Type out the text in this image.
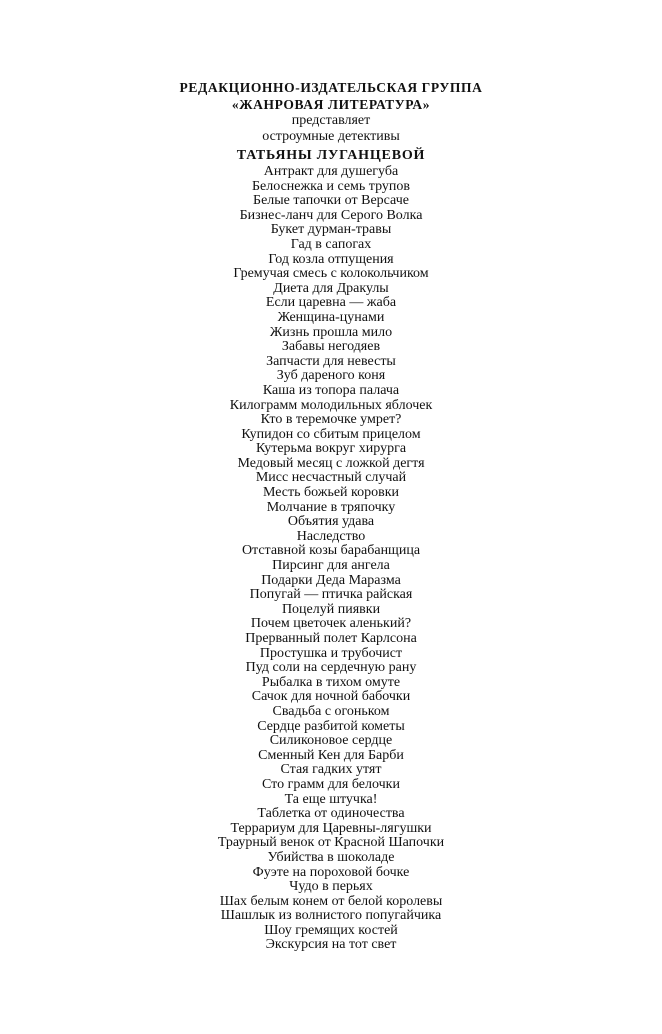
РЕДАКЦИОННО-ИЗДАТЕЛЬСКАЯ ГРУППА
«ЖАНРОВАЯ ЛИТЕРАТУРА»
представляет
остроумные детективы
ТАТЬЯНЫ ЛУГАНЦЕВОЙ
Антракт для душегуба
Белоснежка и семь трупов
Белые тапочки от Версаче
Бизнес-ланч для Серого Волка
Букет дурман-травы
Гад в сапогах
Год козла отпущения
Гремучая смесь с колокольчиком
Диета для Дракулы
Если царевна — жаба
Женщина-цунами
Жизнь прошла мило
Забавы негодяев
Запчасти для невесты
Зуб дареного коня
Каша из топора палача
Килограмм молодильных яблочек
Кто в теремочке умрет?
Купидон со сбитым прицелом
Кутерьма вокруг хирурга
Медовый месяц с ложкой дегтя
Мисс несчастный случай
Месть божьей коровки
Молчание в тряпочку
Объятия удава
Наследство
Отставной козы барабанщица
Пирсинг для ангела
Подарки Деда Маразма
Попугай — птичка райская
Поцелуй пиявки
Почем цветочек аленький?
Прерванный полет Карлсона
Простушка и трубочист
Пуд соли на сердечную рану
Рыбалка в тихом омуте
Сачок для ночной бабочки
Свадьба с огоньком
Сердце разбитой кометы
Силиконовое сердце
Сменный Кен для Барби
Стая гадких утят
Сто грамм для белочки
Та еще штучка!
Таблетка от одиночества
Террариум для Царевны-лягушки
Траурный венок от Красной Шапочки
Убийства в шоколаде
Фуэте на пороховой бочке
Чудо в перьях
Шах белым конем от белой королевы
Шашлык из волнистого попугайчика
Шоу гремящих костей
Экскурсия на тот свет
